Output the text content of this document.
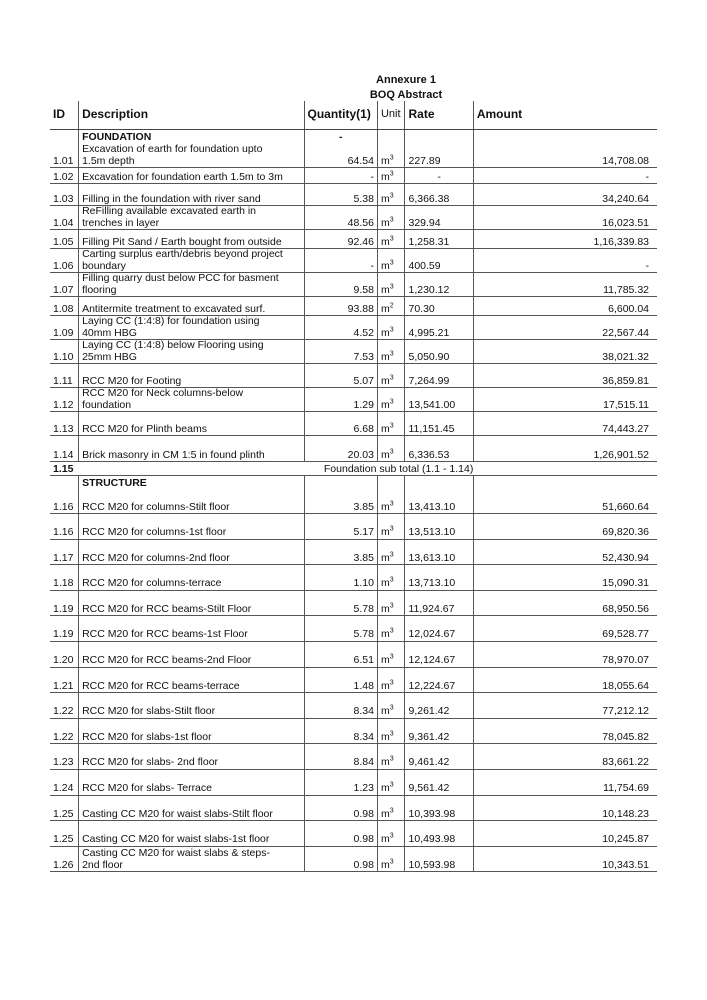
Annexure 1
BOQ Abstract
ID	Description	Quantity(1)	Unit	Rate	Amount
	FOUNDATION	-			
1.01	Excavation of earth for foundation upto
1.5m depth	64.54	$m^3$	227.89	14,708.08
1.02	Excavation for foundation earth 1.5m to 3m	-	$m^3$	-	-
1.03	Filling in the foundation with river sand	5.38	$m^3$	6,366.38	34,240.64
1.04	ReFilling available excavated earth in
trenches in layer	48.56	$m^3$	329.94	16,023.51
1.05	Filling Pit Sand / Earth bought from outside	92.46	$m^3$	1,258.31	1,16,339.83
1.06	Carting surplus earth/debris beyond project
boundary	-	$m^3$	400.59	-
1.07	Filling quarry dust below PCC for basment
flooring	9.58	$m^3$	1,230.12	11,785.32
1.08	Antitermite treatment to excavated surf.	93.88	$m^2$	70.30	6,600.04
1.09	Laying CC (1:4:8) for foundation using
40mm HBG	4.52	$m^3$	4,995.21	22,567.44
1.10	Laying CC (1:4:8) below Flooring using
25mm HBG	7.53	$m^3$	5,050.90	38,021.32
1.11	RCC M20 for Footing	5.07	$m^3$	7,264.99	36,859.81
1.12	RCC M20 for Neck columns-below
foundation	1.29	$m^3$	13,541.00	17,515.11
1.13	RCC M20 for Plinth beams	6.68	$m^3$	11,151.45	74,443.27
1.14	Brick masonry in CM 1:5 in found plinth	20.03	$m^3$	6,336.53	1,26,901.52
1.15	Foundation sub total (1.1 - 1.14)				
	STRUCTURE				
1.16	RCC M20 for columns-Stilt floor	3.85	$m^3$	13,413.10	51,660.64
1.16	RCC M20 for columns-1st floor	5.17	$m^3$	13,513.10	69,820.36
1.17	RCC M20 for columns-2nd floor	3.85	$m^3$	13,613.10	52,430.94
1.18	RCC M20 for columns-terrace	1.10	$m^3$	13,713.10	15,090.31
1.19	RCC M20 for RCC beams-Stilt Floor	5.78	$m^3$	11,924.67	68,950.56
1.19	RCC M20 for RCC beams-1st Floor	5.78	$m^3$	12,024.67	69,528.77
1.20	RCC M20 for RCC beams-2nd Floor	6.51	$m^3$	12,124.67	78,970.07
1.21	RCC M20 for RCC beams-terrace	1.48	$m^3$	12,224.67	18,055.64
1.22	RCC M20 for slabs-Stilt floor	8.34	$m^3$	9,261.42	77,212.12
1.22	RCC M20 for slabs-1st floor	8.34	$m^3$	9,361.42	78,045.82
1.23	RCC M20 for slabs- 2nd floor	8.84	$m^3$	9,461.42	83,661.22
1.24	RCC M20 for slabs- Terrace	1.23	$m^3$	9,561.42	11,754.69
1.25	Casting CC M20 for waist slabs-Stilt floor	0.98	$m^3$	10,393.98	10,148.23
1.25	Casting CC M20 for waist slabs-1st floor	0.98	$m^3$	10,493.98	10,245.87
1.26	Casting CC M20 for waist slabs & steps-
2nd floor	0.98	$m^3$	10,593.98	10,343.51
